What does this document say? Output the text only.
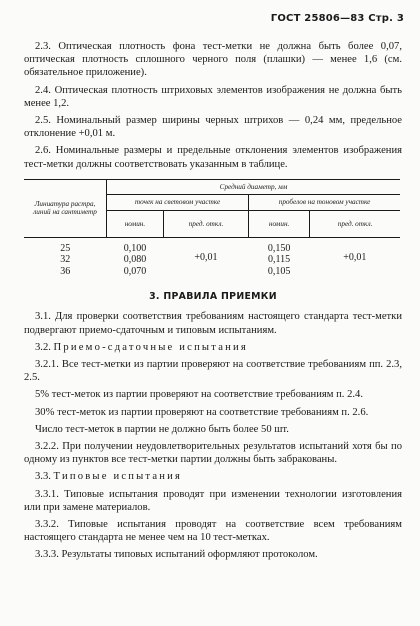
ГОСТ 25806—83 Стр. 3

2.3. Оптическая плотность фона тест-метки не должна быть более 0,07, оптическая плотность сплошного черного поля (плашки) — менее 1,6 (см. обязательное приложение).

2.4. Оптическая плотность штриховых элементов изображения не должна быть менее 1,2.

2.5. Номинальный размер ширины черных штрихов — 0,24 мм, предельное отклонение +0,01 м.

2.6. Номинальные размеры и предельные отклонения элементов изображения тест-метки должны соответствовать указанным в таблице.

Линиатура растра, линий на сантиметр	Средний диаметр, мм			
	точек на световом участке		пробелов на тоновом участке	
	номин.	пред. откл.	номин.	пред. откл.
25	0,100	+0,01	0,150	+0,01
32	0,080		0,115	
36	0,070		0,105	
3. ПРАВИЛА ПРИЕМКИ

3.1. Для проверки соответствия требованиям настоящего стандарта тест-метки подвергают приемо-сдаточным и типовым испытаниям.

3.2. Приемо-сдаточные испытания

3.2.1. Все тест-метки из партии проверяют на соответствие требованиям пп. 2.3, 2.5.

5% тест-меток из партии проверяют на соответствие требованиям п. 2.4.

30% тест-меток из партии проверяют на соответствие требованиям п. 2.6.

Число тест-меток в партии не должно быть более 50 шт.

3.2.2. При получении неудовлетворительных результатов испытаний хотя бы по одному из пунктов все тест-метки партии должны быть забракованы.

3.3. Типовые испытания

3.3.1. Типовые испытания проводят при изменении технологии изготовления или при замене материалов.

3.3.2. Типовые испытания проводят на соответствие всем требованиям настоящего стандарта не менее чем на 10 тест-метках.

3.3.3. Результаты типовых испытаний оформляют протоколом.
